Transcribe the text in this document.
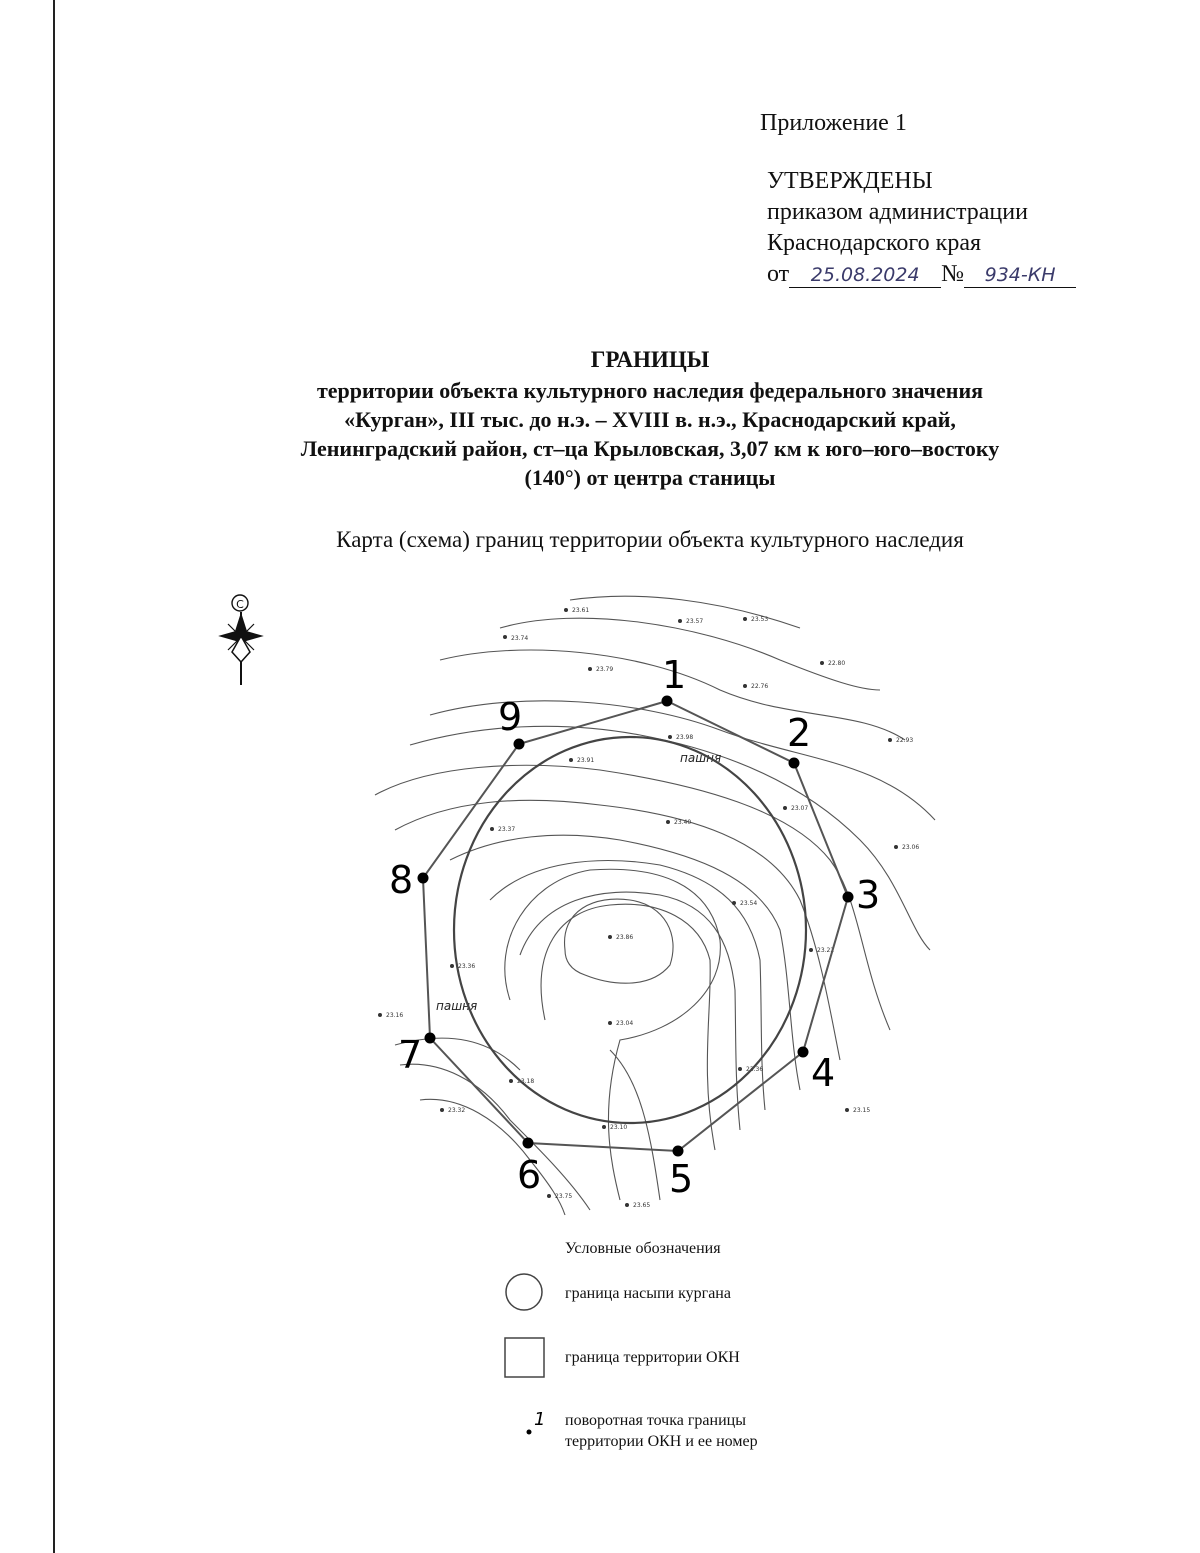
Приложение 1
УТВЕРЖДЕНЫ
приказом администрации
Краснодарского края
от 25.08.2024 № 934-КН
ГРАНИЦЫ
территории объекта культурного наследия федерального значения
«Курган», III тыс. до н.э. – XVIII в. н.э., Краснодарский край,
Ленинградский район, ст–ца Крыловская, 3,07 км к юго–юго–востоку
(140°) от центра станицы
Карта (схема) границ территории объекта культурного наследия
C	23.61
23.57	23.53
23.74
23.79
22.80
22.76
23.98
23.91
22.93
23.37
23.40
23.07
23.06
23.54
23.86
23.22
23.36
23.04
23.16
23.18
23.32
23.10
23.36
23.15
23.75
23.65
пашня
пашня
1
2
3
4
5
6
7
8
9
1
Условные обозначения
граница насыпи кургана
граница территории ОКН
поворотная точка границы
территории ОКН и ее номер
